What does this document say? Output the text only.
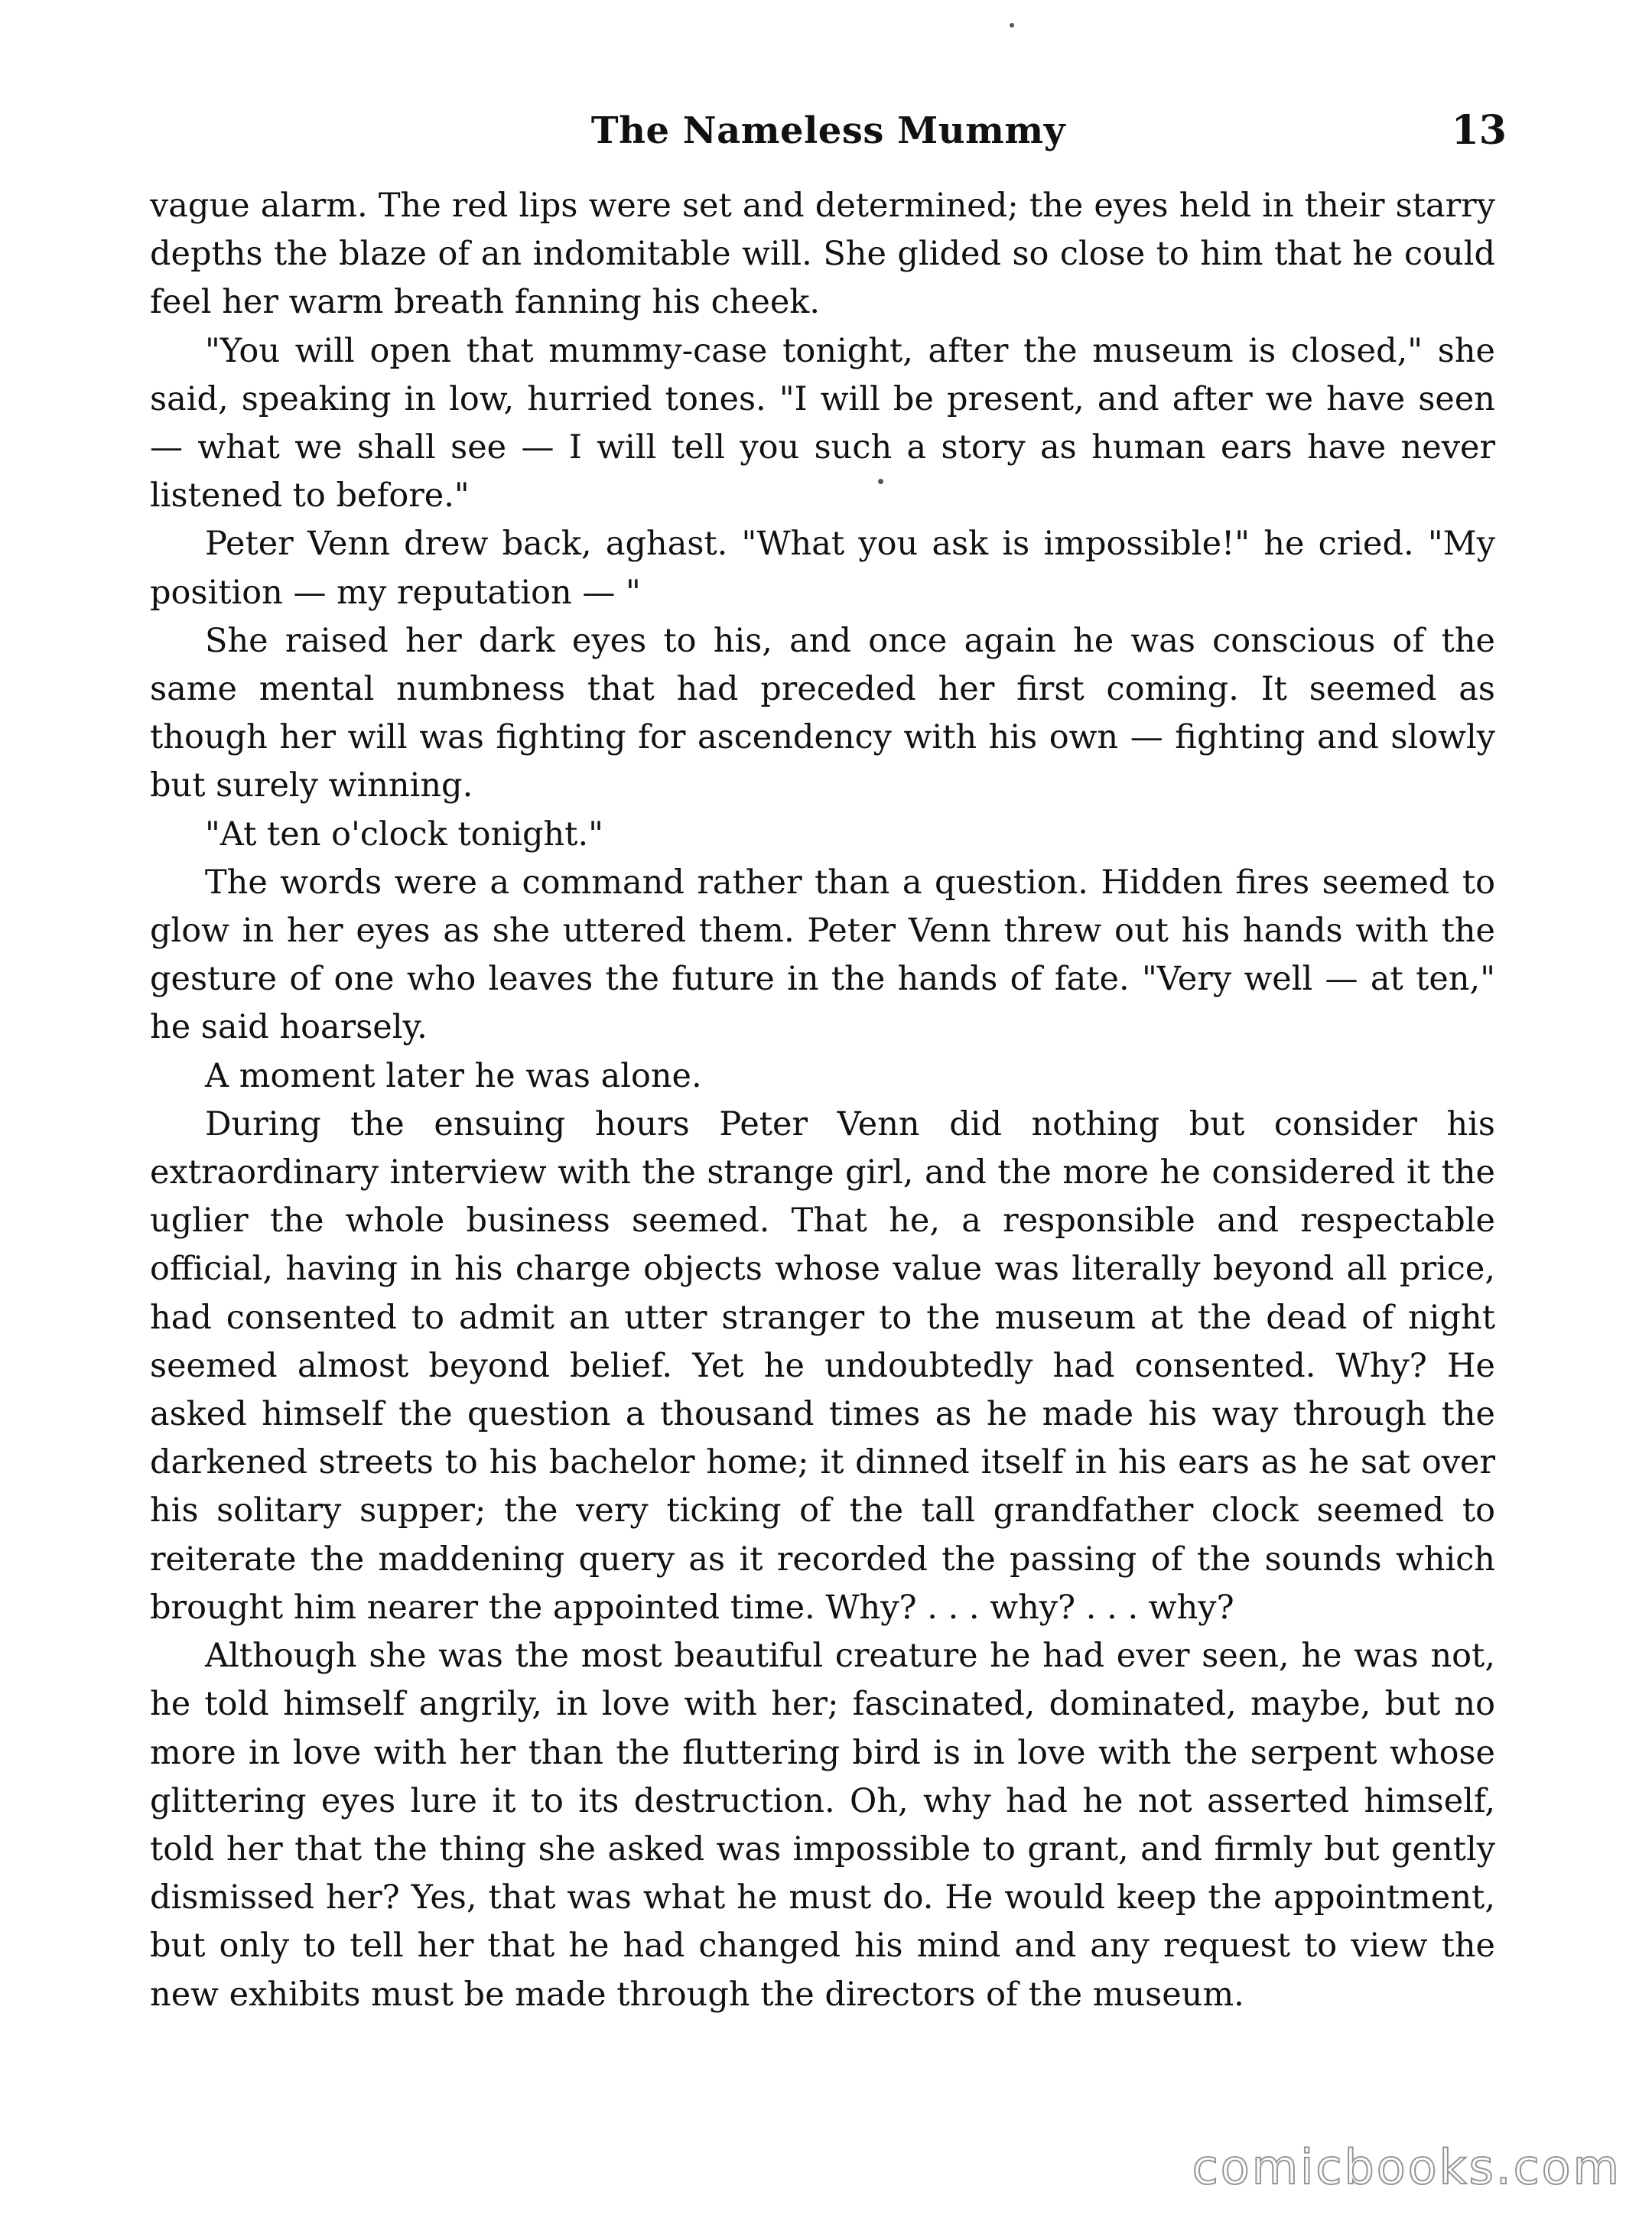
The Nameless Mummy	13

vague alarm. The red lips were set and determined; the eyes held in their starry depths the blaze of an indomitable will. She glided so close to him that he could feel her warm breath fanning his cheek.

"You will open that mummy-case tonight, after the museum is closed," she said, speaking in low, hurried tones. "I will be present, and after we have seen — what we shall see — I will tell you such a story as human ears have never listened to before."

Peter Venn drew back, aghast. "What you ask is impossible!" he cried. "My position — my reputation — "

She raised her dark eyes to his, and once again he was conscious of the same mental numbness that had preceded her first coming. It seemed as though her will was fighting for ascendency with his own — fighting and slowly but surely winning.

"At ten o'clock tonight."

The words were a command rather than a question. Hidden fires seemed to glow in her eyes as she uttered them. Peter Venn threw out his hands with the gesture of one who leaves the future in the hands of fate. "Very well — at ten," he said hoarsely.

A moment later he was alone.

During the ensuing hours Peter Venn did nothing but consider his extraordinary interview with the strange girl, and the more he considered it the uglier the whole business seemed. That he, a responsible and respectable official, having in his charge objects whose value was literally beyond all price, had consented to admit an utter stranger to the museum at the dead of night seemed almost beyond belief. Yet he undoubtedly had consented. Why? He asked himself the question a thousand times as he made his way through the darkened streets to his bachelor home; it dinned itself in his ears as he sat over his solitary supper; the very ticking of the tall grandfather clock seemed to reiterate the maddening query as it recorded the passing of the sounds which brought him nearer the appointed time. Why? . . . why? . . . why?

Although she was the most beautiful creature he had ever seen, he was not, he told himself angrily, in love with her; fascinated, dominated, maybe, but no more in love with her than the fluttering bird is in love with the serpent whose glittering eyes lure it to its destruction. Oh, why had he not asserted himself, told her that the thing she asked was impossible to grant, and firmly but gently dismissed her? Yes, that was what he must do. He would keep the appointment, but only to tell her that he had changed his mind and any request to view the new exhibits must be made through the directors of the museum.

comicbooks.com
